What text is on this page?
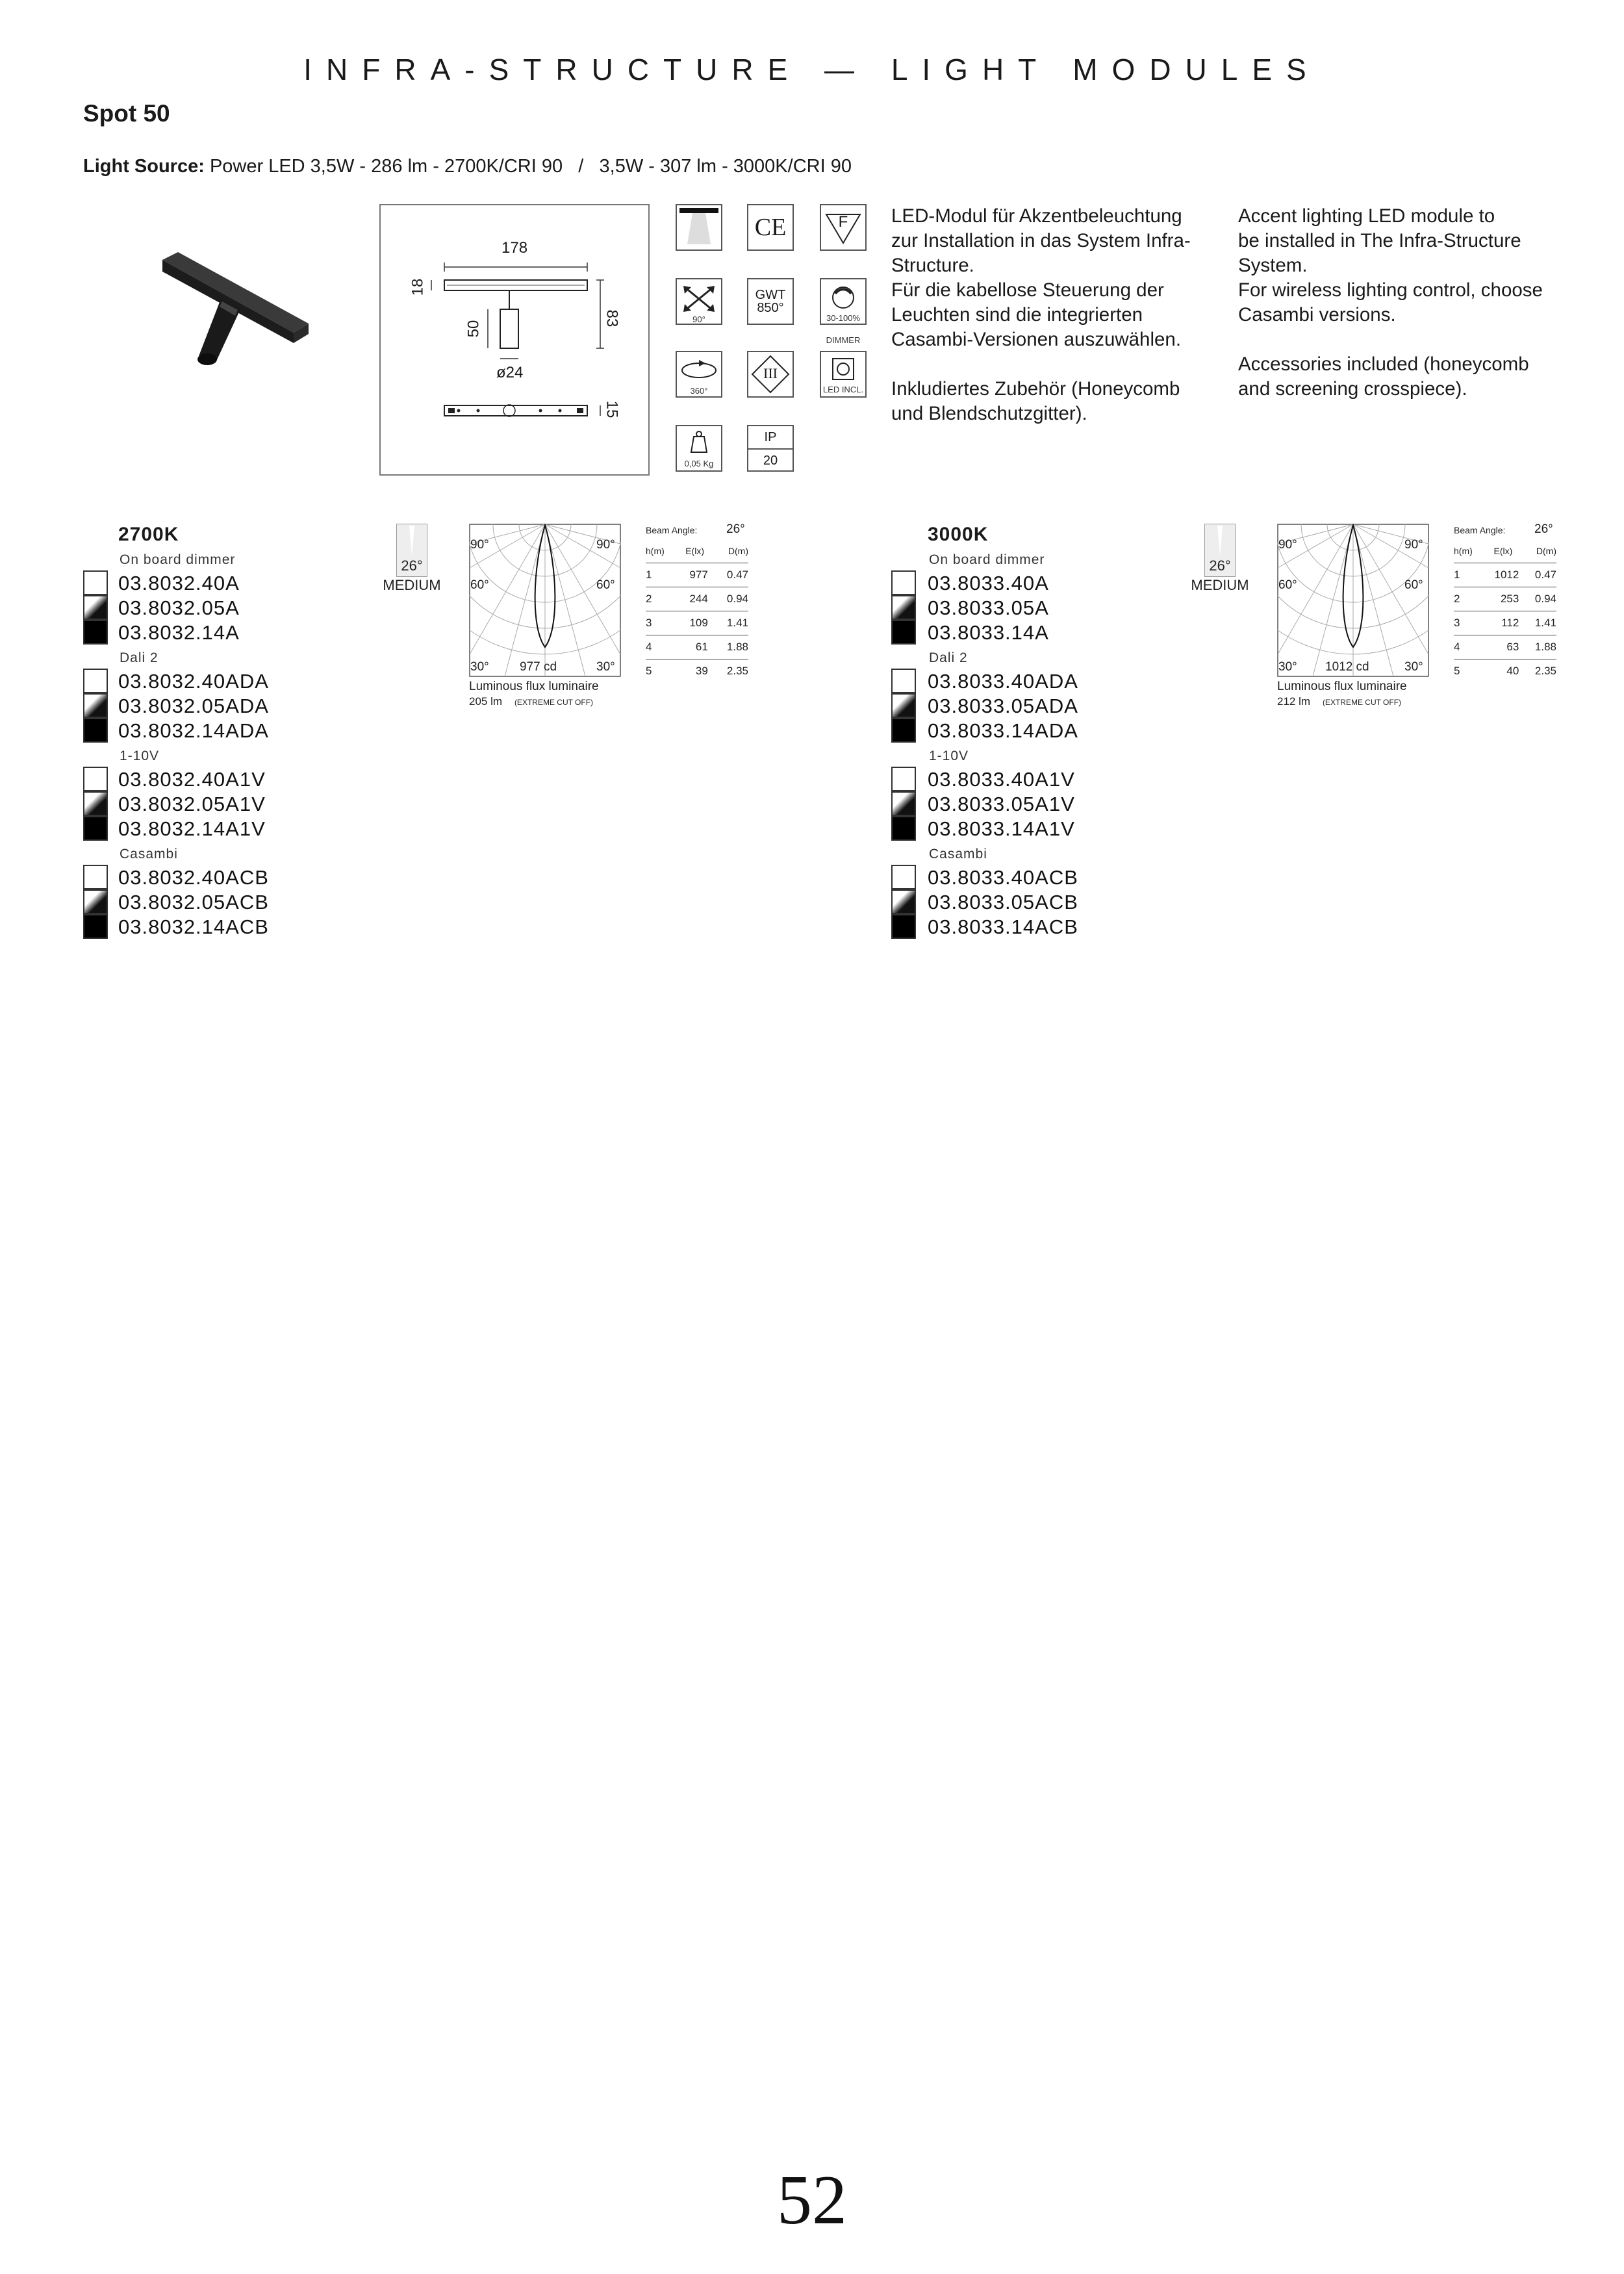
INFRA-STRUCTURE — LIGHT MODULES
Spot 50
Light Source: Power LED 3,5W - 286 lm - 2700K/CRI 90   /   3,5W - 307 lm - 3000K/CRI 90
178
18
50
83
ø24
15
CE	F
90°
GWT
850°
30-100%
DIMMER
360°
III
LED INCL.
0,05 Kg
IP
20
LED-Modul für Akzentbeleuchtung
zur Installation in das System Infra-
Structure.
Für die kabellose Steuerung der
Leuchten sind die integrierten
Casambi-Versionen auszuwählen.

Inkludiertes Zubehör (Honeycomb
und Blendschutzgitter).
Accent lighting LED module to
be installed in The Infra-Structure
System.
For wireless lighting control, choose
Casambi versions.

Accessories included (honeycomb
and screening crosspiece).
2700K
On board dimmer
03.8032.40A
03.8032.05A
03.8032.14A
Dali 2
03.8032.40ADA
03.8032.05ADA
03.8032.14ADA
1-10V
03.8032.40A1V
03.8032.05A1V
03.8032.14A1V
Casambi
03.8032.40ACB
03.8032.05ACB
03.8032.14ACB
26°
MEDIUM
90°	90°
60°	60°
30°	30°
977 cd
Luminous flux luminaire
205 lm (EXTREME CUT OFF)
Beam Angle: 26°
h(m)	E(lx)	D(m)
1	977	0.47
2	244	0.94
3	109	1.41
4	61	1.88
5	39	2.35
3000K
On board dimmer
03.8033.40A
03.8033.05A
03.8033.14A
Dali 2
03.8033.40ADA
03.8033.05ADA
03.8033.14ADA
1-10V
03.8033.40A1V
03.8033.05A1V
03.8033.14A1V
Casambi
03.8033.40ACB
03.8033.05ACB
03.8033.14ACB
26°
MEDIUM
90°	90°
60°	60°
30°	30°
1012 cd
Luminous flux luminaire
212 lm (EXTREME CUT OFF)
Beam Angle: 26°
h(m)	E(lx)	D(m)
1	1012	0.47
2	253	0.94
3	112	1.41
4	63	1.88
5	40	2.35
52
